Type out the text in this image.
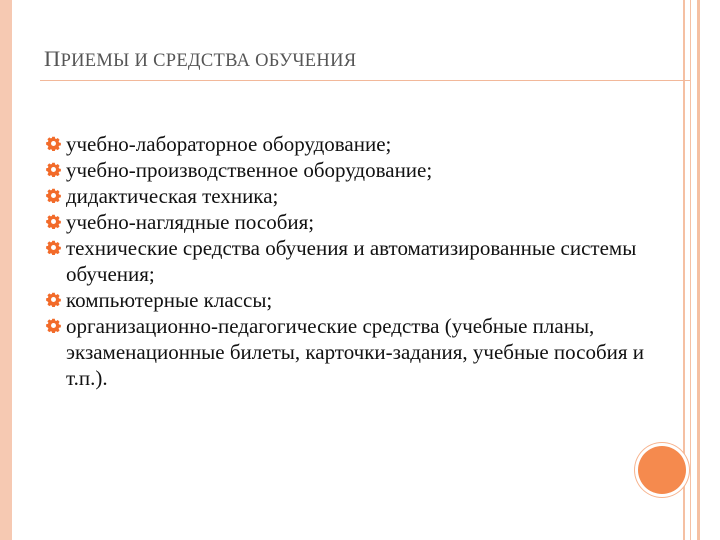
ПРИЕМЫ И СРЕДСТВА ОБУЧЕНИЯ
учебно-лабораторное оборудование;
учебно-производственное оборудование;
дидактическая техника;
учебно-наглядные пособия;
технические средства обучения и автоматизированные системы обучения;
компьютерные классы;
организационно-педагогические средства (учебные планы, экзаменационные билеты, карточки-задания, учебные пособия и т.п.).
